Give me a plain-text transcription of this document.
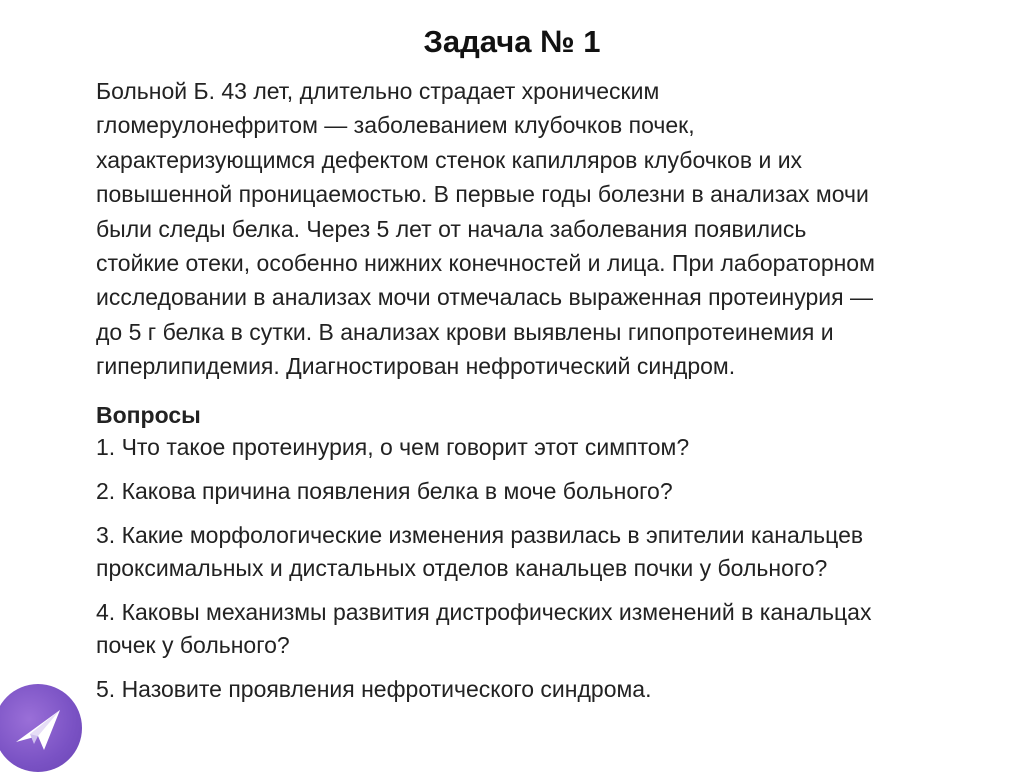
Задача № 1

Больной Б. 43 лет, длительно страдает хроническим
гломерулонефритом — заболеванием клубочков почек,
характеризующимся дефектом стенок капилляров клубочков и их
повышенной проницаемостью. В первые годы болезни в анализах мочи
были следы белка. Через 5 лет от начала заболевания появились
стойкие отеки, особенно нижних конечностей и лица. При лабораторном
исследовании в анализах мочи отмечалась выраженная протеинурия —
до 5 г белка в сутки. В анализах крови выявлены гипопротеинемия и
гиперлипидемия. Диагностирован нефротический синдром.

Вопросы

1. Что такое протеинурия, о чем говорит этот симптом?
2. Какова причина появления белка в моче больного?
3. Какие морфологические изменения развилась в эпителии канальцев
проксимальных и дистальных отделов канальцев почки у больного?
4. Каковы механизмы развития дистрофических изменений в канальцах
почек у больного?
5. Назовите проявления нефротического синдрома.
